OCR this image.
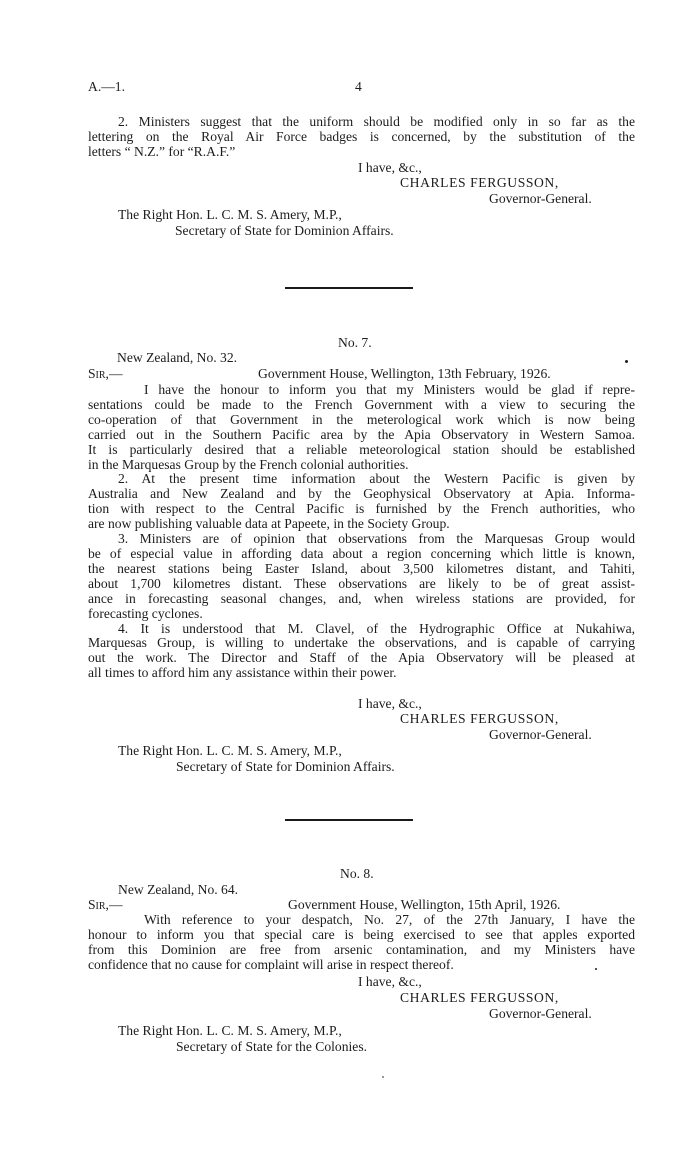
A.—1.	4
2. Ministers suggest that the uniform should be modified only in so far as the
lettering on the Royal Air Force badges is concerned, by the substitution of the
letters “ N.Z.” for “R.A.F.”
I have, &c.,
CHARLES FERGUSSON,
Governor-General.
The Right Hon. L. C. M. S. Amery, M.P.,
Secretary of State for Dominion Affairs.
No. 7.
New Zealand, No. 32.
Sir,—	Government House, Wellington, 13th February, 1926.
I have the honour to inform you that my Ministers would be glad if repre-
sentations could be made to the French Government with a view to securing the
co-operation of that Government in the meterological work which is now being
carried out in the Southern Pacific area by the Apia Observatory in Western Samoa.
It is particularly desired that a reliable meteorological station should be established
in the Marquesas Group by the French colonial authorities.
2. At the present time information about the Western Pacific is given by
Australia and New Zealand and by the Geophysical Observatory at Apia. Informa-
tion with respect to the Central Pacific is furnished by the French authorities, who
are now publishing valuable data at Papeete, in the Society Group.
3. Ministers are of opinion that observations from the Marquesas Group would
be of especial value in affording data about a region concerning which little is known,
the nearest stations being Easter Island, about 3,500 kilometres distant, and Tahiti,
about 1,700 kilometres distant. These observations are likely to be of great assist-
ance in forecasting seasonal changes, and, when wireless stations are provided, for
forecasting cyclones.
4. It is understood that M. Clavel, of the Hydrographic Office at Nukahiwa,
Marquesas Group, is willing to undertake the observations, and is capable of carrying
out the work. The Director and Staff of the Apia Observatory will be pleased at
all times to afford him any assistance within their power.
I have, &c.,
CHARLES FERGUSSON,
Governor-General.
The Right Hon. L. C. M. S. Amery, M.P.,
Secretary of State for Dominion Affairs.
No. 8.
New Zealand, No. 64.
Sir,—	Government House, Wellington, 15th April, 1926.
With reference to your despatch, No. 27, of the 27th January, I have the
honour to inform you that special care is being exercised to see that apples exported
from this Dominion are free from arsenic contamination, and my Ministers have
confidence that no cause for complaint will arise in respect thereof.
I have, &c.,
CHARLES FERGUSSON,
Governor-General.
The Right Hon. L. C. M. S. Amery, M.P.,
Secretary of State for the Colonies.
